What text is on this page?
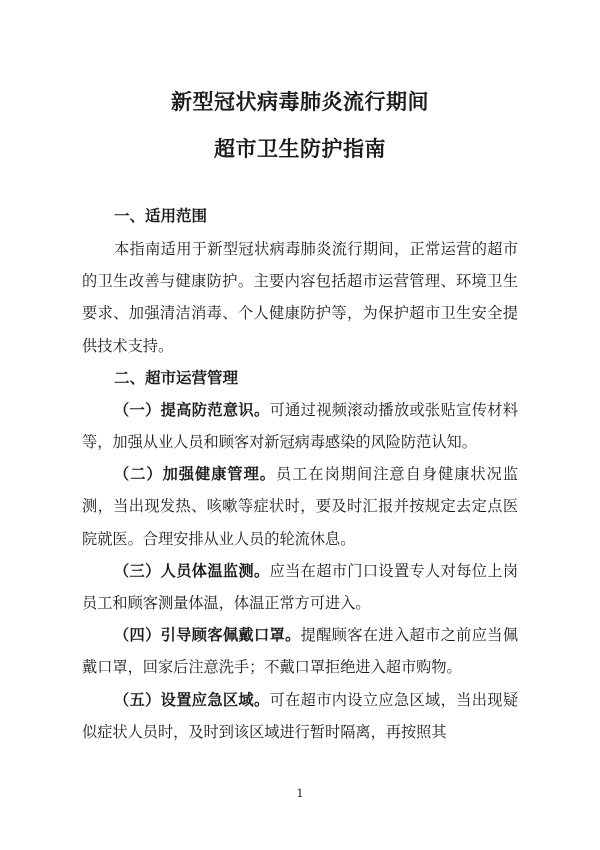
新型冠状病毒肺炎流行期间
超市卫生防护指南
一、适用范围

本指南适用于新型冠状病毒肺炎流行期间，正常运营的超市的卫生改善与健康防护。主要内容包括超市运营管理、环境卫生要求、加强清洁消毒、个人健康防护等，为保护超市卫生安全提供技术支持。

二、超市运营管理

（一）提高防范意识。可通过视频滚动播放或张贴宣传材料等，加强从业人员和顾客对新冠病毒感染的风险防范认知。

（二）加强健康管理。员工在岗期间注意自身健康状况监测，当出现发热、咳嗽等症状时，要及时汇报并按规定去定点医院就医。合理安排从业人员的轮流休息。

（三）人员体温监测。应当在超市门口设置专人对每位上岗员工和顾客测量体温，体温正常方可进入。

（四）引导顾客佩戴口罩。提醒顾客在进入超市之前应当佩戴口罩，回家后注意洗手；不戴口罩拒绝进入超市购物。

（五）设置应急区域。可在超市内设立应急区域，当出现疑似症状人员时，及时到该区域进行暂时隔离，再按照其

1
